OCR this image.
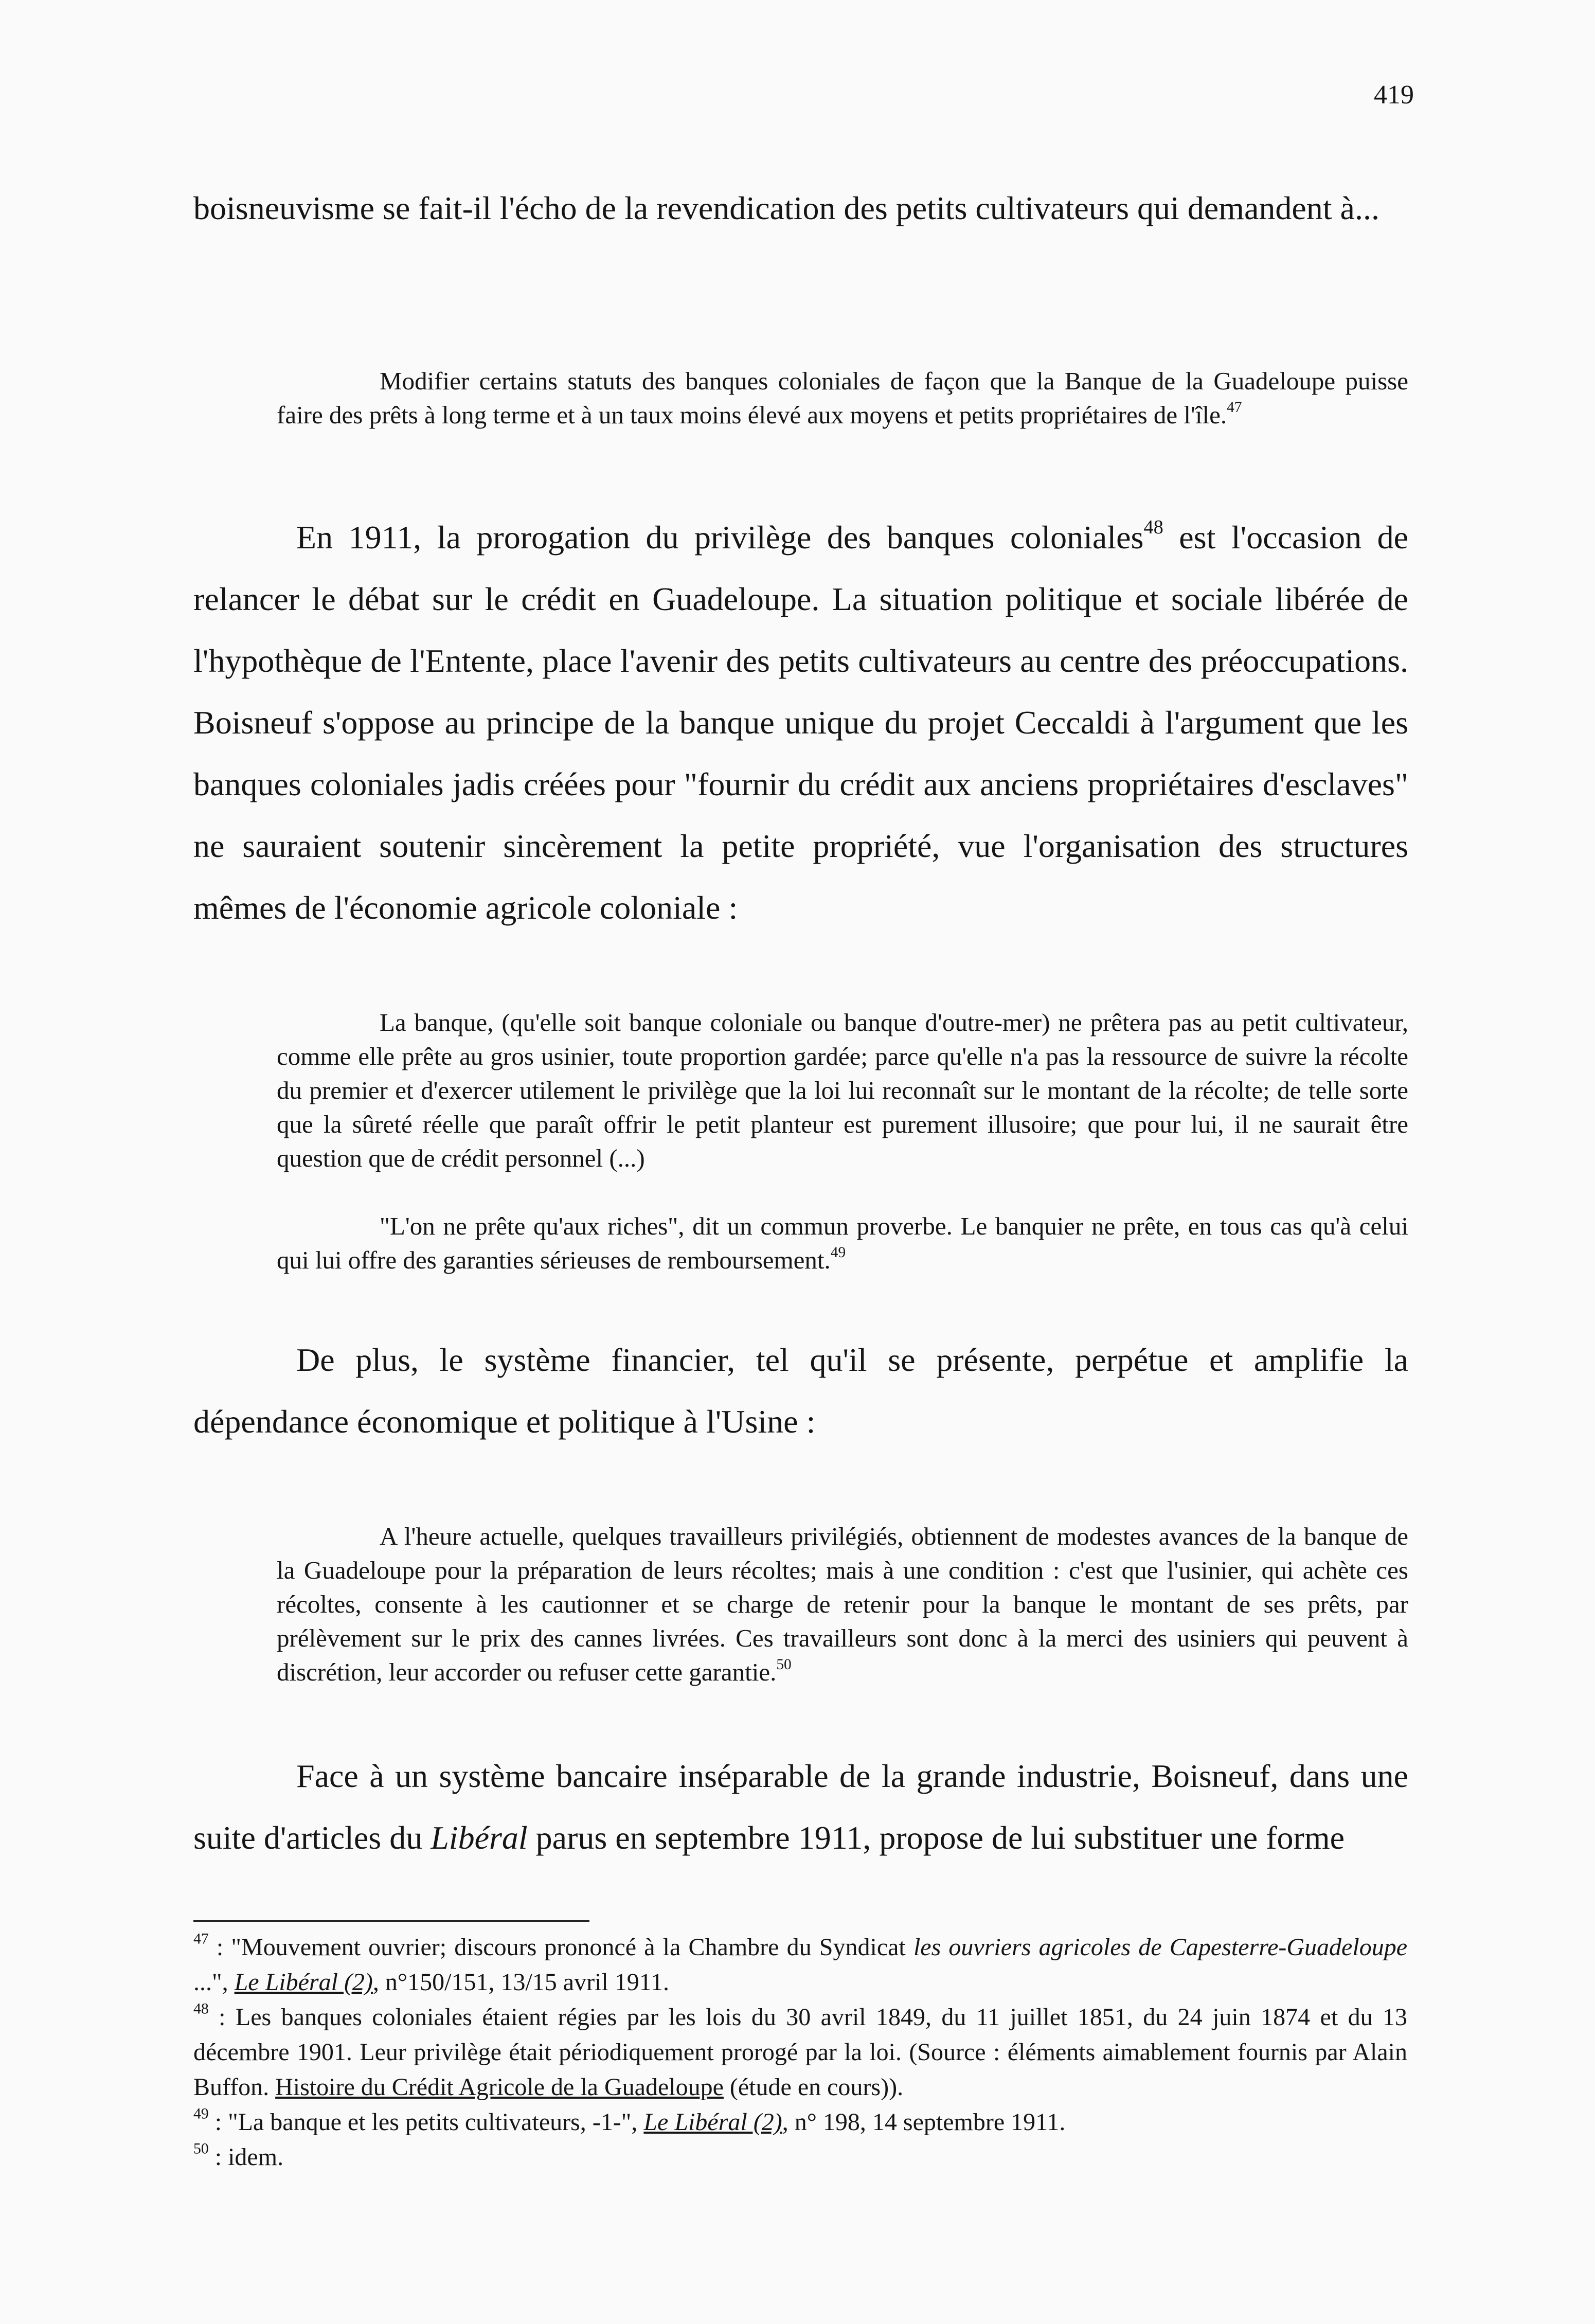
419

boisneuvisme se fait-il l'écho de la revendication des petits cultivateurs qui demandent à...

Modifier certains statuts des banques coloniales de façon que la Banque de la Guadeloupe puisse faire des prêts à long terme et à un taux moins élevé aux moyens et petits propriétaires de l'île.$^{47}$

En 1911, la prorogation du privilège des banques coloniales$^{48}$ est l'occasion de relancer le débat sur le crédit en Guadeloupe. La situation politique et sociale libérée de l'hypothèque de l'Entente, place l'avenir des petits cultivateurs au centre des préoccupations. Boisneuf s'oppose au principe de la banque unique du projet Ceccaldi à l'argument que les banques coloniales jadis créées pour "fournir du crédit aux anciens propriétaires d'esclaves" ne sauraient soutenir sincèrement la petite propriété, vue l'organisation des structures mêmes de l'économie agricole coloniale :

La banque, (qu'elle soit banque coloniale ou banque d'outre-mer) ne prêtera pas au petit cultivateur, comme elle prête au gros usinier, toute proportion gardée; parce qu'elle n'a pas la ressource de suivre la récolte du premier et d'exercer utilement le privilège que la loi lui reconnaît sur le montant de la récolte; de telle sorte que la sûreté réelle que paraît offrir le petit planteur est purement illusoire; que pour lui, il ne saurait être question que de crédit personnel (...)

"L'on ne prête qu'aux riches", dit un commun proverbe. Le banquier ne prête, en tous cas qu'à celui qui lui offre des garanties sérieuses de remboursement.$^{49}$

De plus, le système financier, tel qu'il se présente, perpétue et amplifie la dépendance économique et politique à l'Usine :

A l'heure actuelle, quelques travailleurs privilégiés, obtiennent de modestes avances de la banque de la Guadeloupe pour la préparation de leurs récoltes; mais à une condition : c'est que l'usinier, qui achète ces récoltes, consente à les cautionner et se charge de retenir pour la banque le montant de ses prêts, par prélèvement sur le prix des cannes livrées. Ces travailleurs sont donc à la merci des usiniers qui peuvent à discrétion, leur accorder ou refuser cette garantie.$^{50}$

Face à un système bancaire inséparable de la grande industrie, Boisneuf, dans une suite d'articles du Libéral parus en septembre 1911, propose de lui substituer une forme

$^{47}$ : "Mouvement ouvrier; discours prononcé à la Chambre du Syndicat les ouvriers agricoles de Capesterre-Guadeloupe ...", Le Libéral (2), n°150/151, 13/15 avril 1911.

$^{48}$ : Les banques coloniales étaient régies par les lois du 30 avril 1849, du 11 juillet 1851, du 24 juin 1874 et du 13 décembre 1901. Leur privilège était périodiquement prorogé par la loi. (Source : éléments aimablement fournis par Alain Buffon. Histoire du Crédit Agricole de la Guadeloupe (étude en cours)).

$^{49}$ : "La banque et les petits cultivateurs, -1-", Le Libéral (2), n° 198, 14 septembre 1911.

$^{50}$ : idem.
